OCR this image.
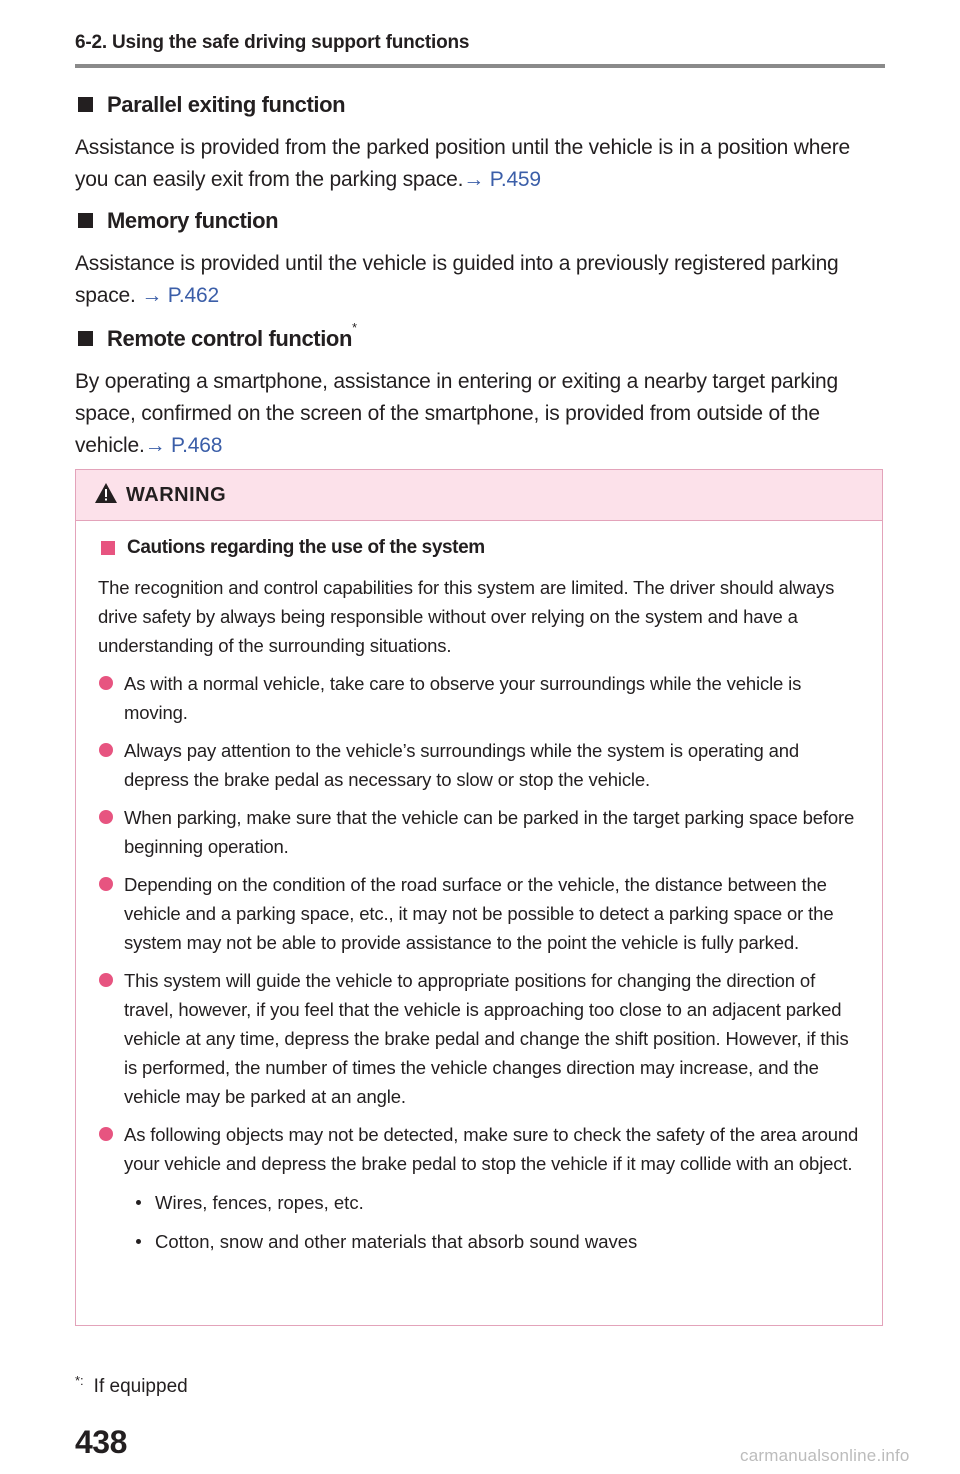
6-2. Using the safe driving support functions
Parallel exiting function
Assistance is provided from the parked position until the vehicle is in a position where you can easily exit from the parking space.→ P.459
Memory function
Assistance is provided until the vehicle is guided into a previously registered parking space. → P.462
Remote control function *
By operating a smartphone, assistance in entering or exiting a nearby target parking space, confirmed on the screen of the smartphone, is provided from outside of the vehicle.→ P.468
WARNING
Cautions regarding the use of the system
The recognition and control capabilities for this system are limited. The driver should always drive safety by always being responsible without over relying on the system and have a understanding of the surrounding situations.
As with a normal vehicle, take care to observe your surroundings while the vehicle is moving.
Always pay attention to the vehicle’s surroundings while the system is operating and depress the brake pedal as necessary to slow or stop the vehicle.
When parking, make sure that the vehicle can be parked in the target parking space before beginning operation.
Depending on the condition of the road surface or the vehicle, the distance between the vehicle and a parking space, etc., it may not be possible to detect a parking space or the system may not be able to provide assistance to the point the vehicle is fully parked.
This system will guide the vehicle to appropriate positions for changing the direction of travel, however, if you feel that the vehicle is approaching too close to an adjacent parked vehicle at any time, depress the brake pedal and change the shift position. However, if this is performed, the number of times the vehicle changes direction may increase, and the vehicle may be parked at an angle.
As following objects may not be detected, make sure to check the safety of the area around your vehicle and depress the brake pedal to stop the vehicle if it may collide with an object.
Wires, fences, ropes, etc.
Cotton, snow and other materials that absorb sound waves
*: If equipped
438	carmanualsonline.info
